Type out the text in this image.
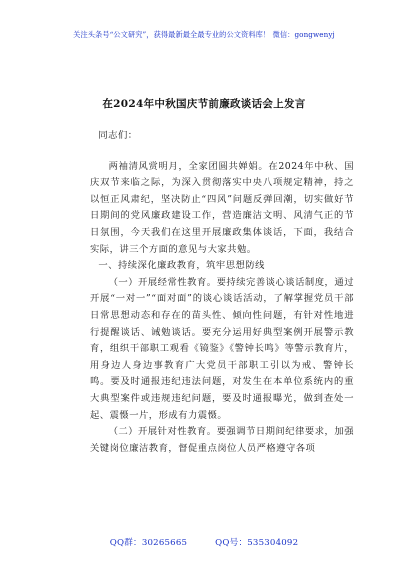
关注头条号“公文研究”，获得最新最全最专业的公文资料库！ 微信：gongwenyj
在2024年中秋国庆节前廉政谈话会上发言

同志们：

两袖清风赏明月，全家团圆共婵娟。在2024年中秋、国庆双节来临之际，为深入贯彻落实中央八项规定精神，持之以恒正风肃纪，坚决防止“四风”问题反弹回潮，切实做好节日期间的党风廉政建设工作，营造廉洁文明、风清气正的节日氛围，今天我们在这里开展廉政集体谈话，下面，我结合实际，讲三个方面的意见与大家共勉。

一、持续深化廉政教育，筑牢思想防线

（一）开展经常性教育。要持续完善谈心谈话制度，通过开展“一对一”“面对面”的谈心谈话活动，了解掌握党员干部日常思想动态和存在的苗头性、倾向性问题，有针对性地进行提醒谈话、诫勉谈话。要充分运用好典型案例开展警示教育，组织干部职工观看《镜鉴》《警钟长鸣》等警示教育片，用身边人身边事教育广大党员干部职工引以为戒、警钟长鸣。要及时通报违纪违法问题，对发生在本单位系统内的重大典型案件或违规违纪问题，要及时通报曝光，做到查处一起、震慑一片，形成有力震慑。

（二）开展针对性教育。要强调节日期间纪律要求，加强关键岗位廉洁教育，督促重点岗位人员严格遵守各项

QQ群：30265665	QQ号：535304092
